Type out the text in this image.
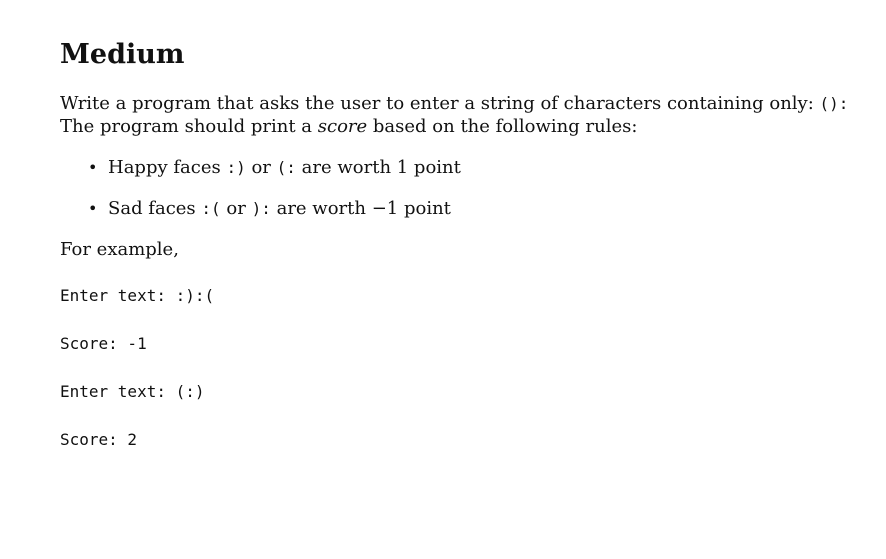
Medium

Write a program that asks the user to enter a string of characters containing only: ():
The program should print a score based on the following rules:

• Happy faces :) or (: are worth 1 point
• Sad faces :( or ): are worth −1 point

For example,

Enter text: :):(

Score: -1

Enter text: (:)

Score: 2
